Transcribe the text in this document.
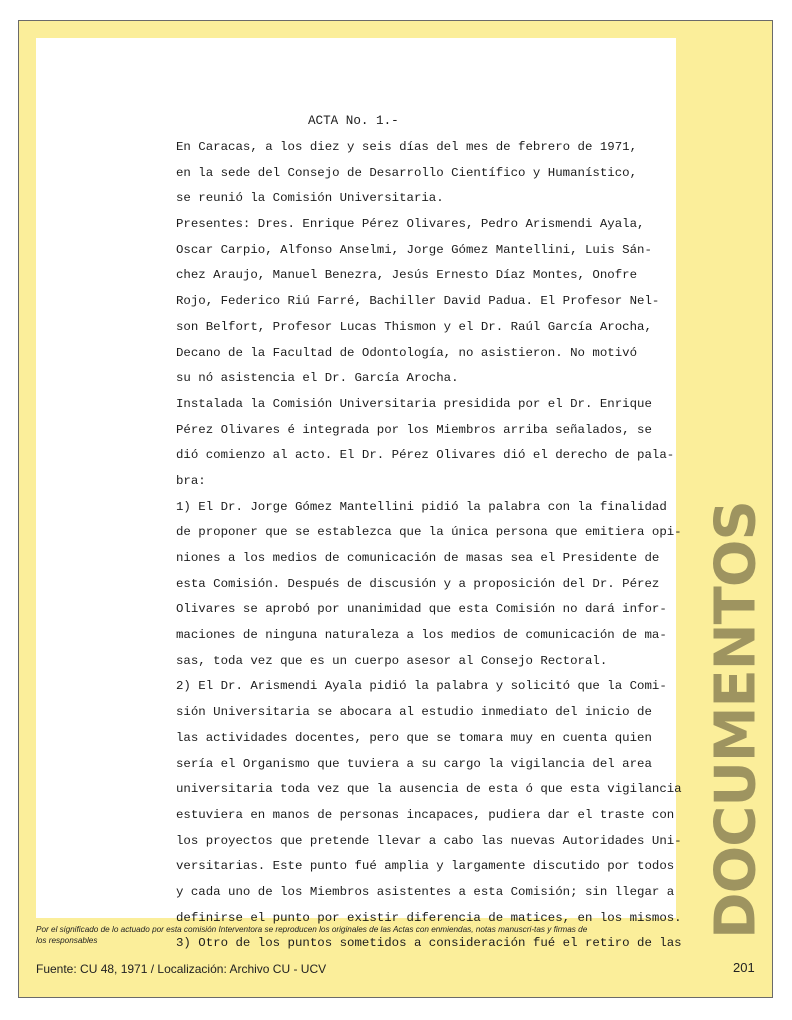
ACTA No. 1.-
En Caracas, a los diez y seis días del mes de febrero de 1971,
en la sede del Consejo de Desarrollo Científico y Humanístico,
se reunió la Comisión Universitaria.
Presentes: Dres. Enrique Pérez Olivares, Pedro Arismendi Ayala,
Oscar Carpio, Alfonso Anselmi, Jorge Gómez Mantellini, Luis Sán-
chez Araujo, Manuel Benezra, Jesús Ernesto Díaz Montes, Onofre
Rojo, Federico Riú Farré, Bachiller David Padua. El Profesor Nel-
son Belfort, Profesor Lucas Thismon y el Dr. Raúl García Arocha,
Decano de la Facultad de Odontología, no asistieron. No motivó
su nó asistencia el Dr. García Arocha.
Instalada la Comisión Universitaria presidida por el Dr. Enrique
Pérez Olivares é integrada por los Miembros arriba señalados, se
dió comienzo al acto. El Dr. Pérez Olivares dió el derecho de pala-
bra:
1) El Dr. Jorge Gómez Mantellini pidió la palabra con la finalidad
de proponer que se establezca que la única persona que emitiera opi-
niones a los medios de comunicación de masas sea el Presidente de
esta Comisión. Después de discusión y a proposición del Dr. Pérez
Olivares se aprobó por unanimidad que esta Comisión no dará infor-
maciones de ninguna naturaleza a los medios de comunicación de ma-
sas, toda vez que es un cuerpo asesor al Consejo Rectoral.
2) El Dr. Arismendi Ayala pidió la palabra y solicitó que la Comi-
sión Universitaria se abocara al estudio inmediato del inicio de
las actividades docentes, pero que se tomara muy en cuenta quien
sería el Organismo que tuviera a su cargo la vigilancia del area
universitaria toda vez que la ausencia de esta ó que esta vigilancia
estuviera en manos de personas incapaces, pudiera dar el traste con
los proyectos que pretende llevar a cabo las nuevas Autoridades Uni-
versitarias. Este punto fué amplia y largamente discutido por todos
y cada uno de los Miembros asistentes a esta Comisión; sin llegar a
definirse el punto por existir diferencia de matices, en los mismos.
3) Otro de los puntos sometidos a consideración fué el retiro de las
DOCUMENTOS
Por el significado de lo actuado por esta comisión Interventora se reproducen los originales de las Actas con enmiendas, notas manuscri-tas y firmas de los responsables
Fuente: CU 48, 1971 / Localización: Archivo CU - UCV	201
